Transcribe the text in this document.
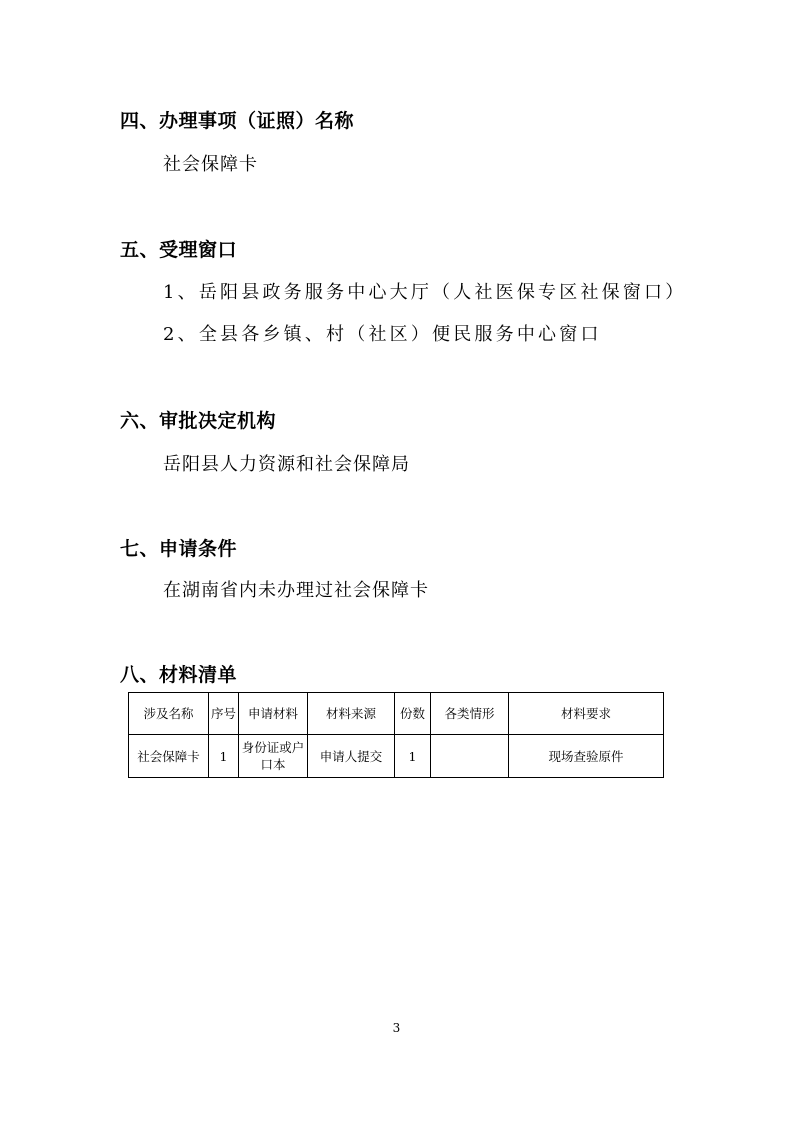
四、办理事项（证照）名称
社会保障卡
五、受理窗口
1、岳阳县政务服务中心大厅（人社医保专区社保窗口）
2、全县各乡镇、村（社区）便民服务中心窗口
六、审批决定机构
岳阳县人力资源和社会保障局
七、申请条件
在湖南省内未办理过社会保障卡
八、材料清单
涉及名称	序号	申请材料	材料来源	份数	各类情形	材料要求
社会保障卡	1	身份证或户口本	申请人提交	1		现场查验原件
3
